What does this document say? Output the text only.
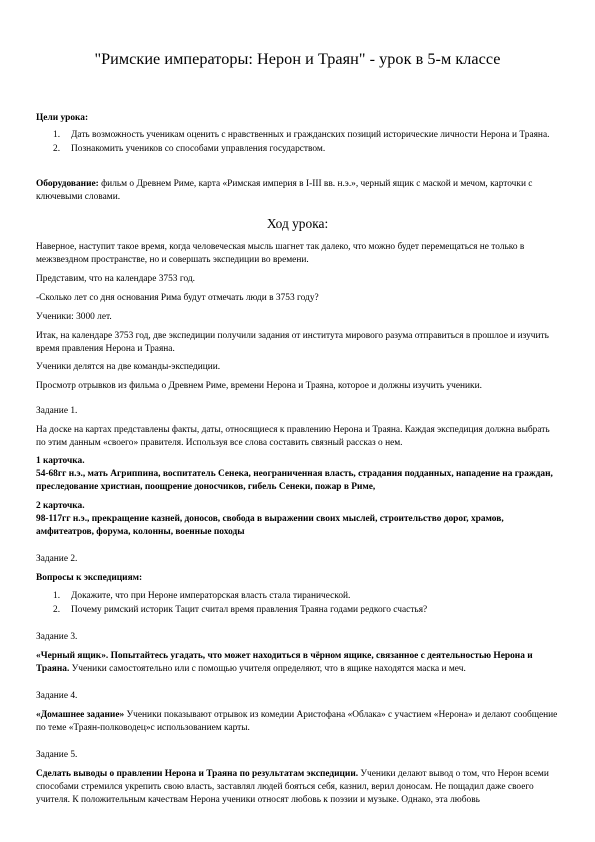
"Римские императоры: Нерон и Траян" - урок в 5-м классе

Цели урока:

1. Дать возможность ученикам оценить с нравственных и гражданских позиций исторические личности Нерона и Траяна.
2. Познакомить учеников со способами управления государством.

Оборудование: фильм о Древнем Риме, карта «Римская империя в I-III вв. н.э.», черный ящик с маской и мечом, карточки с ключевыми словами.

Ход урока:

Наверное, наступит такое время, когда человеческая мысль шагнет так далеко, что можно будет перемещаться не только в межзвездном пространстве, но и совершать экспедиции во времени.

Представим, что на календаре 3753 год.

-Сколько лет со дня основания Рима будут отмечать люди в 3753 году?

Ученики: 3000 лет.

Итак, на календаре 3753 год, две экспедиции получили задания от института мирового разума отправиться в прошлое и изучить время правления Нерона и Траяна.

Ученики делятся на две команды-экспедиции.

Просмотр отрывков из фильма о Древнем Риме, времени Нерона и Траяна, которое и должны изучить ученики.

Задание 1.

На доске на картах представлены факты, даты, относящиеся к правлению Нерона и Траяна. Каждая экспедиция должна выбрать по этим данным «своего» правителя. Используя все слова составить связный рассказ о нем.

1 карточка.

54-68гг н.э., мать Агриппина, воспитатель Сенека, неограниченная власть, страдания подданных, нападение на граждан, преследование христиан, поощрение доносчиков, гибель Сенеки, пожар в Риме,

2 карточка.

98-117гг н.э., прекращение казней, доносов, свобода в выражении своих мыслей, строительство дорог, храмов, амфитеатров, форума, колонны, военные походы

Задание 2.

Вопросы к экспедициям:

1. Докажите, что при Нероне императорская власть стала тиранической.
2. Почему римский историк Тацит считал время правления Траяна годами редкого счастья?

Задание 3.

«Черный ящик». Попытайтесь угадать, что может находиться в чёрном ящике, связанное с деятельностью Нерона и Траяна. Ученики самостоятельно или с помощью учителя определяют, что в ящике находятся маска и меч.

Задание 4.

«Домашнее задание» Ученики показывают отрывок из комедии Аристофана «Облака» с участием «Нерона» и делают сообщение по теме «Траян-полководец»с использованием карты.

Задание 5.

Сделать выводы о правлении Нерона и Траяна по результатам экспедиции. Ученики делают вывод о том, что Нерон всеми способами стремился укрепить свою власть, заставлял людей бояться себя, казнил, верил доносам. Не пощадил даже своего учителя. К положительным качествам Нерона ученики относят любовь к поэзии и музыке. Однако, эта любовь
